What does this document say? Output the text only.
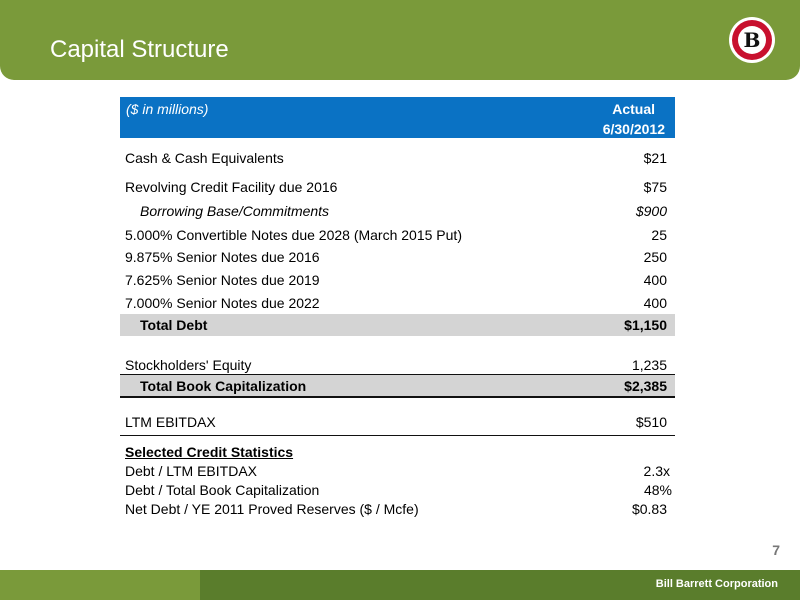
Capital Structure	B
($ in millions)	Actual
6/30/2012
Cash & Cash Equivalents	$21
Revolving Credit Facility due 2016	$75
Borrowing Base/Commitments	$900
5.000% Convertible Notes due 2028 (March 2015 Put)	25
9.875% Senior Notes due 2016	250
7.625% Senior Notes due 2019	400
7.000% Senior Notes due 2022	400
Total Debt	$1,150
Stockholders' Equity	1,235
Total Book Capitalization	$2,385
LTM EBITDAX	$510
Selected Credit Statistics
Debt / LTM EBITDAX	2.3x
Debt / Total Book Capitalization	48%
Net Debt / YE 2011 Proved Reserves ($ / Mcfe)	$0.83
7
Bill Barrett Corporation
